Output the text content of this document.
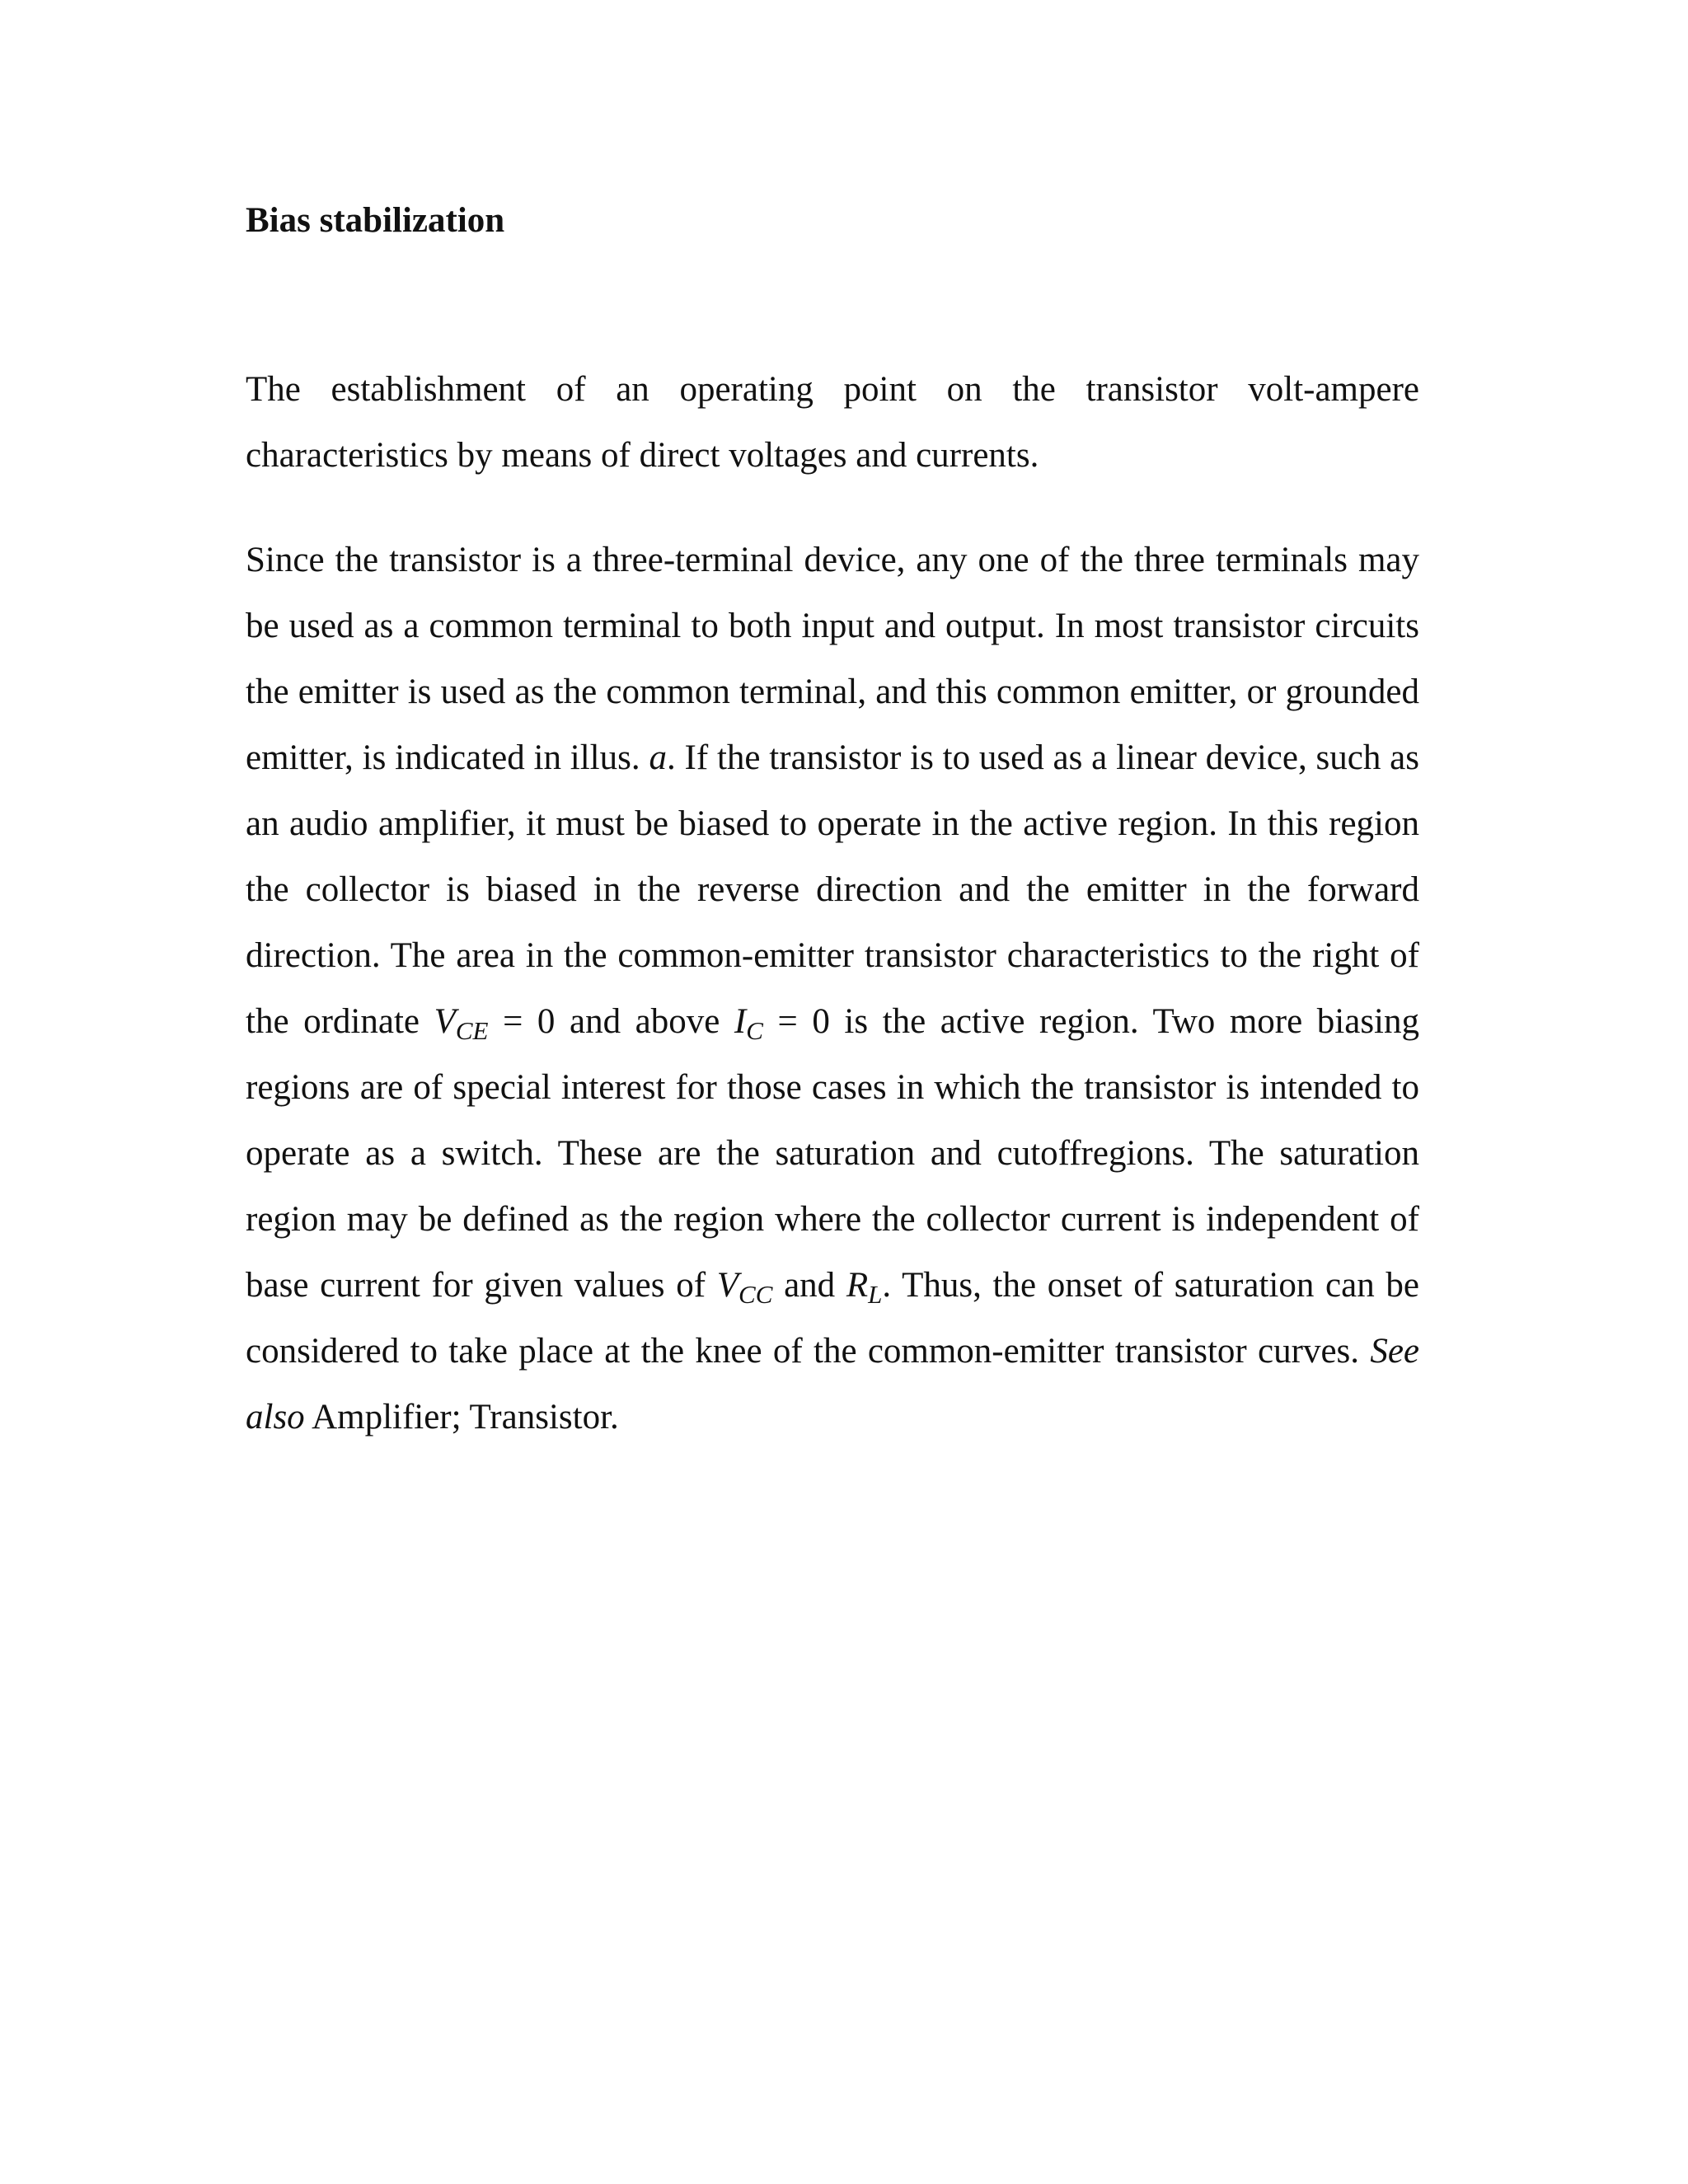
Bias stabilization

The establishment of an operating point on the transistor volt-ampere characteristics by means of direct voltages and currents.

Since the transistor is a three-terminal device, any one of the three terminals may be used as a common terminal to both input and output. In most transistor circuits the emitter is used as the common terminal, and this common emitter, or grounded emitter, is indicated in illus. a. If the transistor is to used as a linear device, such as an audio amplifier, it must be biased to operate in the active region. In this region the collector is biased in the reverse direction and the emitter in the forward direction. The area in the common-emitter transistor characteristics to the right of the ordinate $V_{CE} = 0$ and above $I_C = 0$ is the active region. Two more biasing regions are of special interest for those cases in which the transistor is intended to operate as a switch. These are the saturation and cutoffregions. The saturation region may be defined as the region where the collector current is independent of base current for given values of $V_{CC}$ and $R_L$. Thus, the onset of saturation can be considered to take place at the knee of the common-emitter transistor curves. See also Amplifier; Transistor.
